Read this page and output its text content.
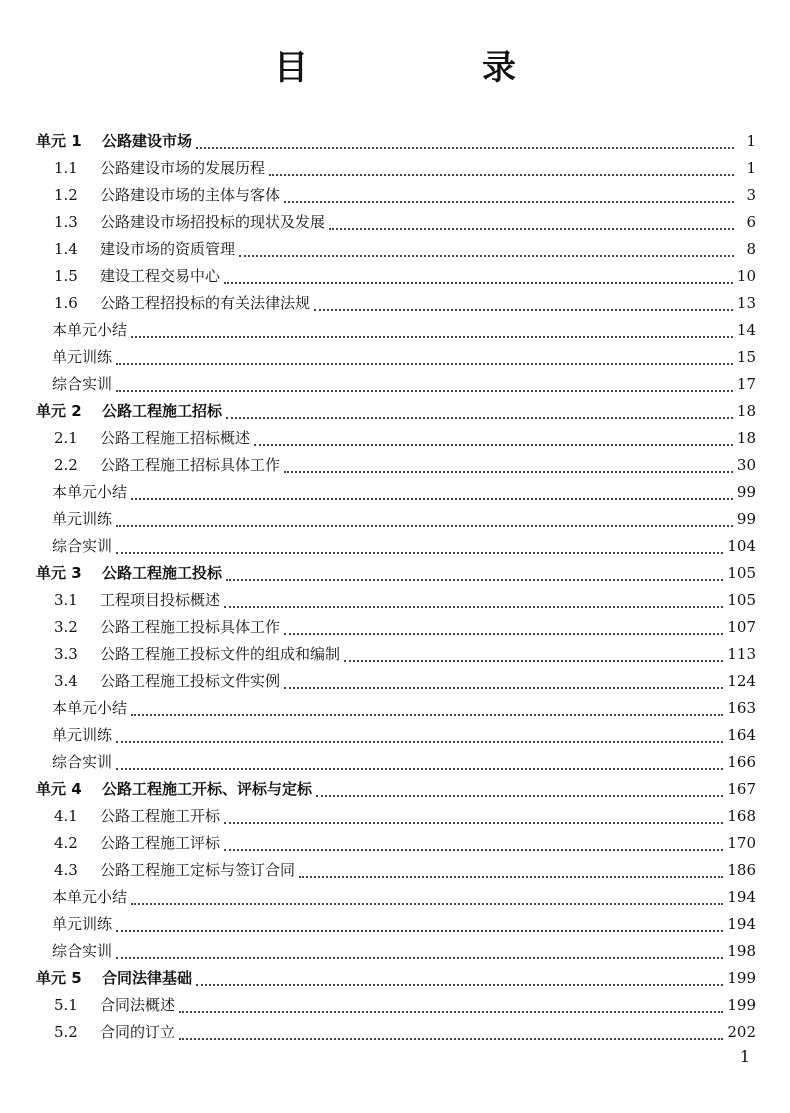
目　录
单元 1	公路建设市场	1
1.1	公路建设市场的发展历程	1
1.2	公路建设市场的主体与客体	3
1.3	公路建设市场招投标的现状及发展	6
1.4	建设市场的资质管理	8
1.5	建设工程交易中心	10
1.6	公路工程招投标的有关法律法规	13
本单元小结	14
单元训练	15
综合实训	17
单元 2	公路工程施工招标	18
2.1	公路工程施工招标概述	18
2.2	公路工程施工招标具体工作	30
本单元小结	99
单元训练	99
综合实训	104
单元 3	公路工程施工投标	105
3.1	工程项目投标概述	105
3.2	公路工程施工投标具体工作	107
3.3	公路工程施工投标文件的组成和编制	113
3.4	公路工程施工投标文件实例	124
本单元小结	163
单元训练	164
综合实训	166
单元 4	公路工程施工开标、评标与定标	167
4.1	公路工程施工开标	168
4.2	公路工程施工评标	170
4.3	公路工程施工定标与签订合同	186
本单元小结	194
单元训练	194
综合实训	198
单元 5	合同法律基础	199
5.1	合同法概述	199
5.2	合同的订立	202
1
